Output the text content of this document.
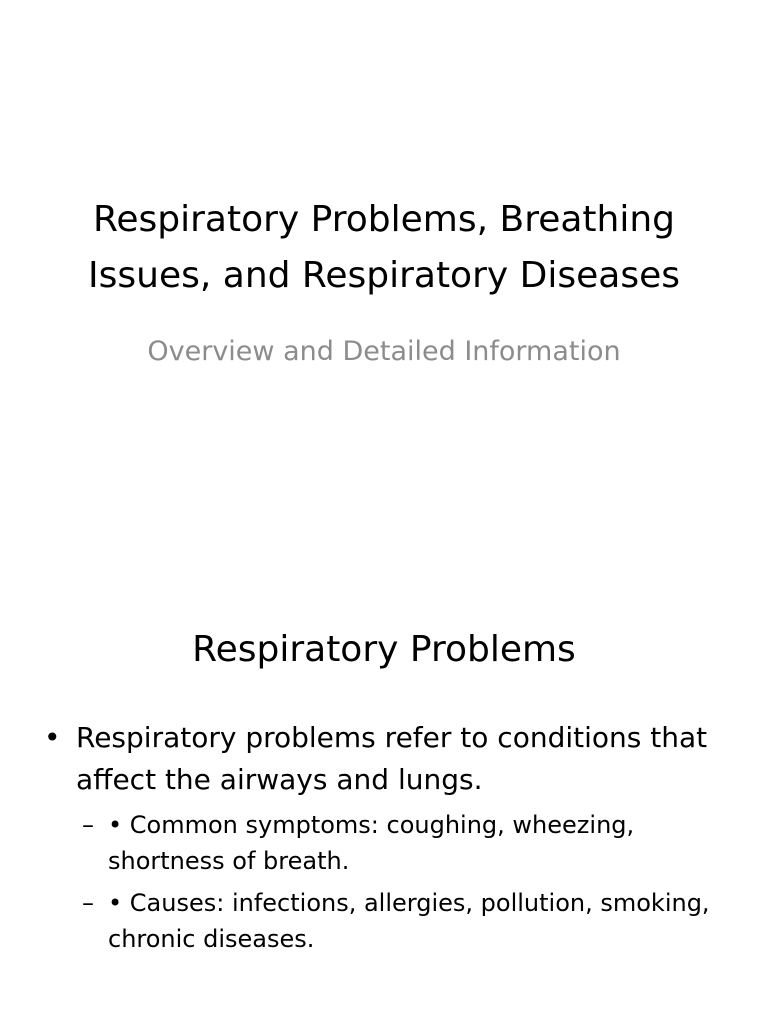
Respiratory Problems, Breathing Issues, and Respiratory Diseases
Overview and Detailed Information
Respiratory Problems
• Respiratory problems refer to conditions that affect the airways and lungs.
– • Common symptoms: coughing, wheezing, shortness of breath.
– • Causes: infections, allergies, pollution, smoking, chronic diseases.
